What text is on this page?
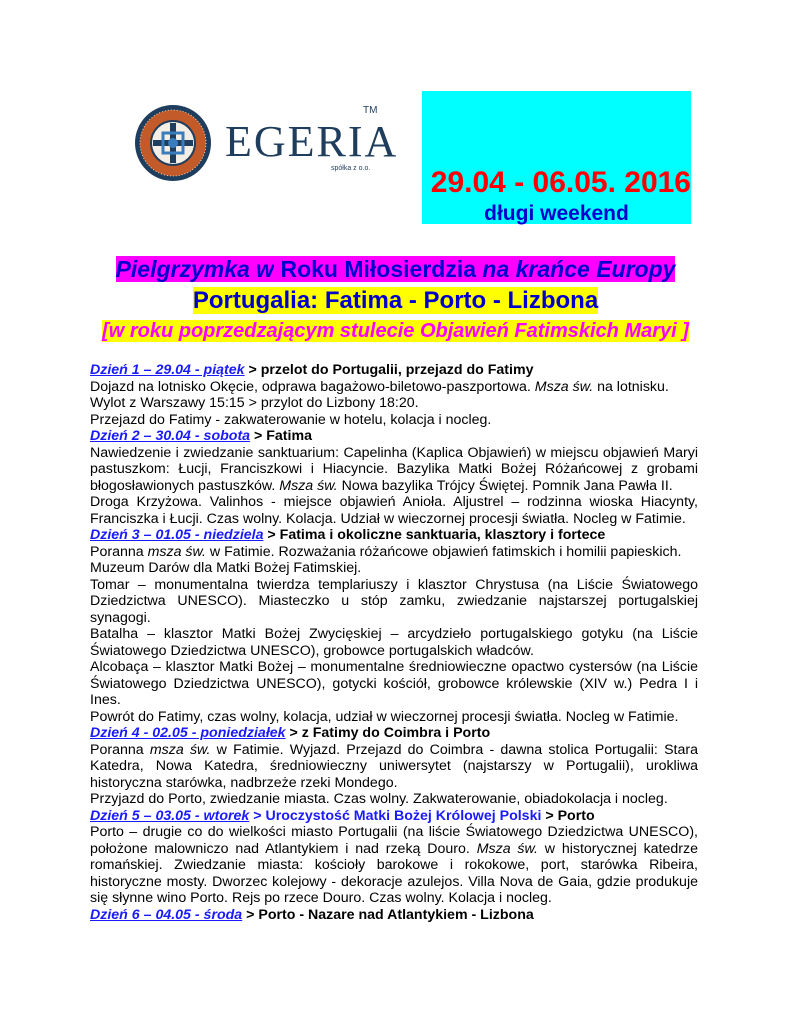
EGERIA
TM
spółka z o.o. 29.04 - 06.05. 2016
długi weekend
Pielgrzymka w Roku Miłosierdzia na krańce Europy
Portugalia: Fatima - Porto - Lizbona
[w roku poprzedzającym stulecie Objawień Fatimskich Maryi ]
Dzień 1 – 29.04 - piątek > przelot do Portugalii, przejazd do Fatimy
Dojazd na lotnisko Okęcie, odprawa bagażowo-biletowo-paszportowa. Msza św. na lotnisku.
Wylot z Warszawy 15:15 > przylot do Lizbony 18:20.
Przejazd do Fatimy - zakwaterowanie w hotelu, kolacja i nocleg.
Dzień 2 – 30.04 - sobota > Fatima
Nawiedzenie i zwiedzanie sanktuarium: Capelinha (Kaplica Objawień) w miejscu objawień Maryi
pastuszkom: Łucji, Franciszkowi i Hiacyncie. Bazylika Matki Bożej Różańcowej z grobami
błogosławionych pastuszków. Msza św. Nowa bazylika Trójcy Świętej. Pomnik Jana Pawła II.
Droga Krzyżowa. Valinhos - miejsce objawień Anioła. Aljustrel – rodzinna wioska Hiacynty,
Franciszka i Łucji. Czas wolny. Kolacja. Udział w wieczornej procesji światła. Nocleg w Fatimie.
Dzień 3 – 01.05 - niedziela > Fatima i okoliczne sanktuaria, klasztory i fortece
Poranna msza św. w Fatimie. Rozważania różańcowe objawień fatimskich i homilii papieskich.
Muzeum Darów dla Matki Bożej Fatimskiej.
Tomar – monumentalna twierdza templariuszy i klasztor Chrystusa (na Liście Światowego
Dziedzictwa UNESCO). Miasteczko u stóp zamku, zwiedzanie najstarszej portugalskiej
synagogi.
Batalha – klasztor Matki Bożej Zwycięskiej – arcydzieło portugalskiego gotyku (na Liście
Światowego Dziedzictwa UNESCO), grobowce portugalskich władców.
Alcobaça – klasztor Matki Bożej – monumentalne średniowieczne opactwo cystersów (na Liście
Światowego Dziedzictwa UNESCO), gotycki kościół, grobowce królewskie (XIV w.) Pedra I i
Ines.
Powrót do Fatimy, czas wolny, kolacja, udział w wieczornej procesji światła. Nocleg w Fatimie.
Dzień 4 - 02.05 - poniedziałek > z Fatimy do Coimbra i Porto
Poranna msza św. w Fatimie. Wyjazd. Przejazd do Coimbra - dawna stolica Portugalii: Stara
Katedra, Nowa Katedra, średniowieczny uniwersytet (najstarszy w Portugalii), urokliwa
historyczna starówka, nadbrzeże rzeki Mondego.
Przyjazd do Porto, zwiedzanie miasta. Czas wolny. Zakwaterowanie, obiadokolacja i nocleg.
Dzień 5 – 03.05 - wtorek > Uroczystość Matki Bożej Królowej Polski > Porto
Porto – drugie co do wielkości miasto Portugalii (na liście Światowego Dziedzictwa UNESCO),
położone malowniczo nad Atlantykiem i nad rzeką Douro. Msza św. w historycznej katedrze
romańskiej. Zwiedzanie miasta: kościoły barokowe i rokokowe, port, starówka Ribeira,
historyczne mosty. Dworzec kolejowy - dekoracje azulejos. Villa Nova de Gaia, gdzie produkuje
się słynne wino Porto. Rejs po rzece Douro. Czas wolny. Kolacja i nocleg.
Dzień 6 – 04.05 - środa > Porto - Nazare nad Atlantykiem - Lizbona
